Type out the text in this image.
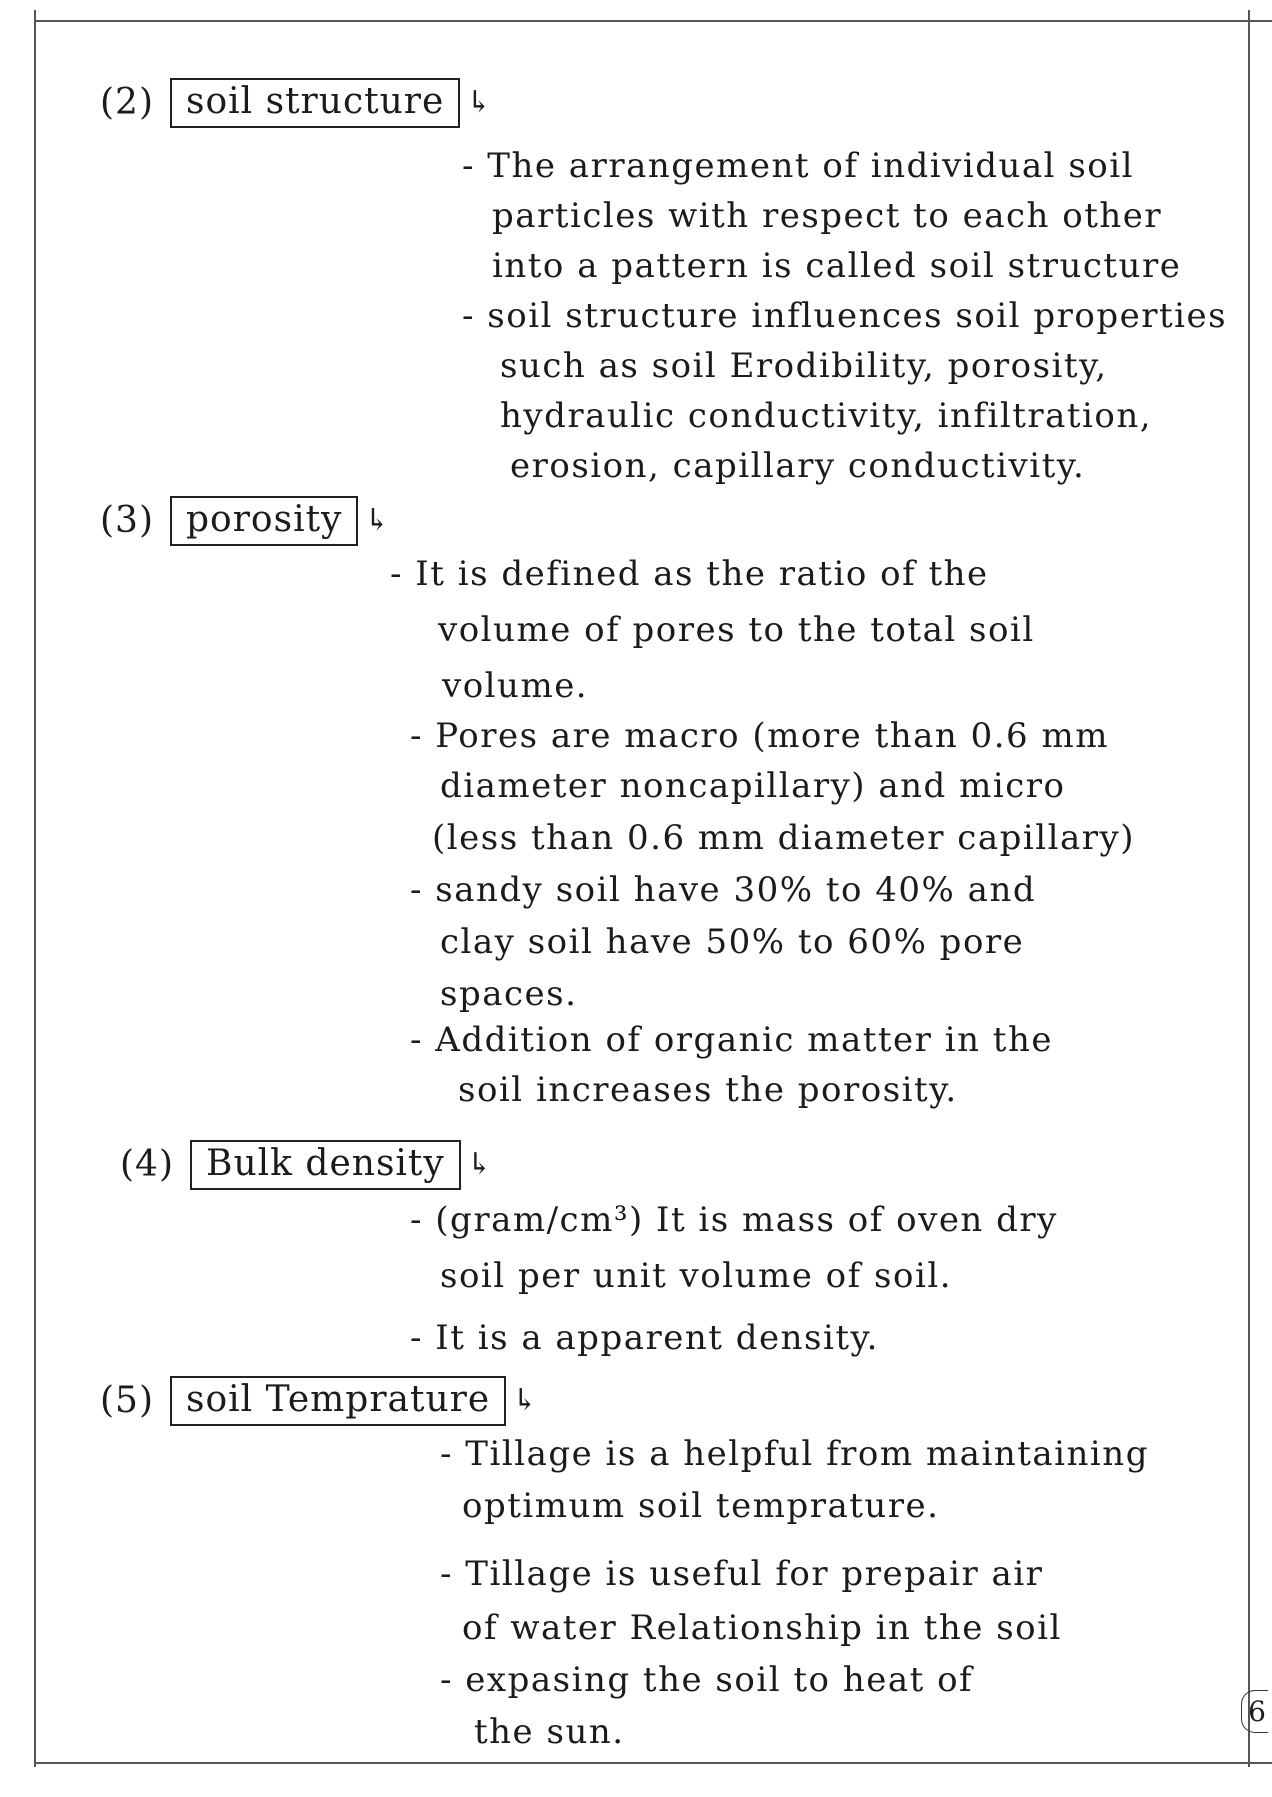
(2) soil structure ↳
- The arrangement of individual soil
particles with respect to each other
into a pattern is called soil structure
- soil structure influences soil properties
such as soil Erodibility, porosity,
hydraulic conductivity, infiltration,
erosion, capillary conductivity.
(3) porosity ↳
- It is defined as the ratio of the
volume of pores to the total soil
volume.
- Pores are macro (more than 0.6 mm
diameter noncapillary) and micro
(less than 0.6 mm diameter capillary)
- sandy soil have 30% to 40% and
clay soil have 50% to 60% pore
spaces.
- Addition of organic matter in the
soil increases the porosity.
(4) Bulk density ↳
- (gram/cm³) It is mass of oven dry
soil per unit volume of soil.
- It is a apparent density.
(5) soil Temprature ↳
- Tillage is a helpful from maintaining
optimum soil temprature.
- Tillage is useful for prepair air
of water Relationship in the soil
- expasing the soil to heat of
the sun.
6
